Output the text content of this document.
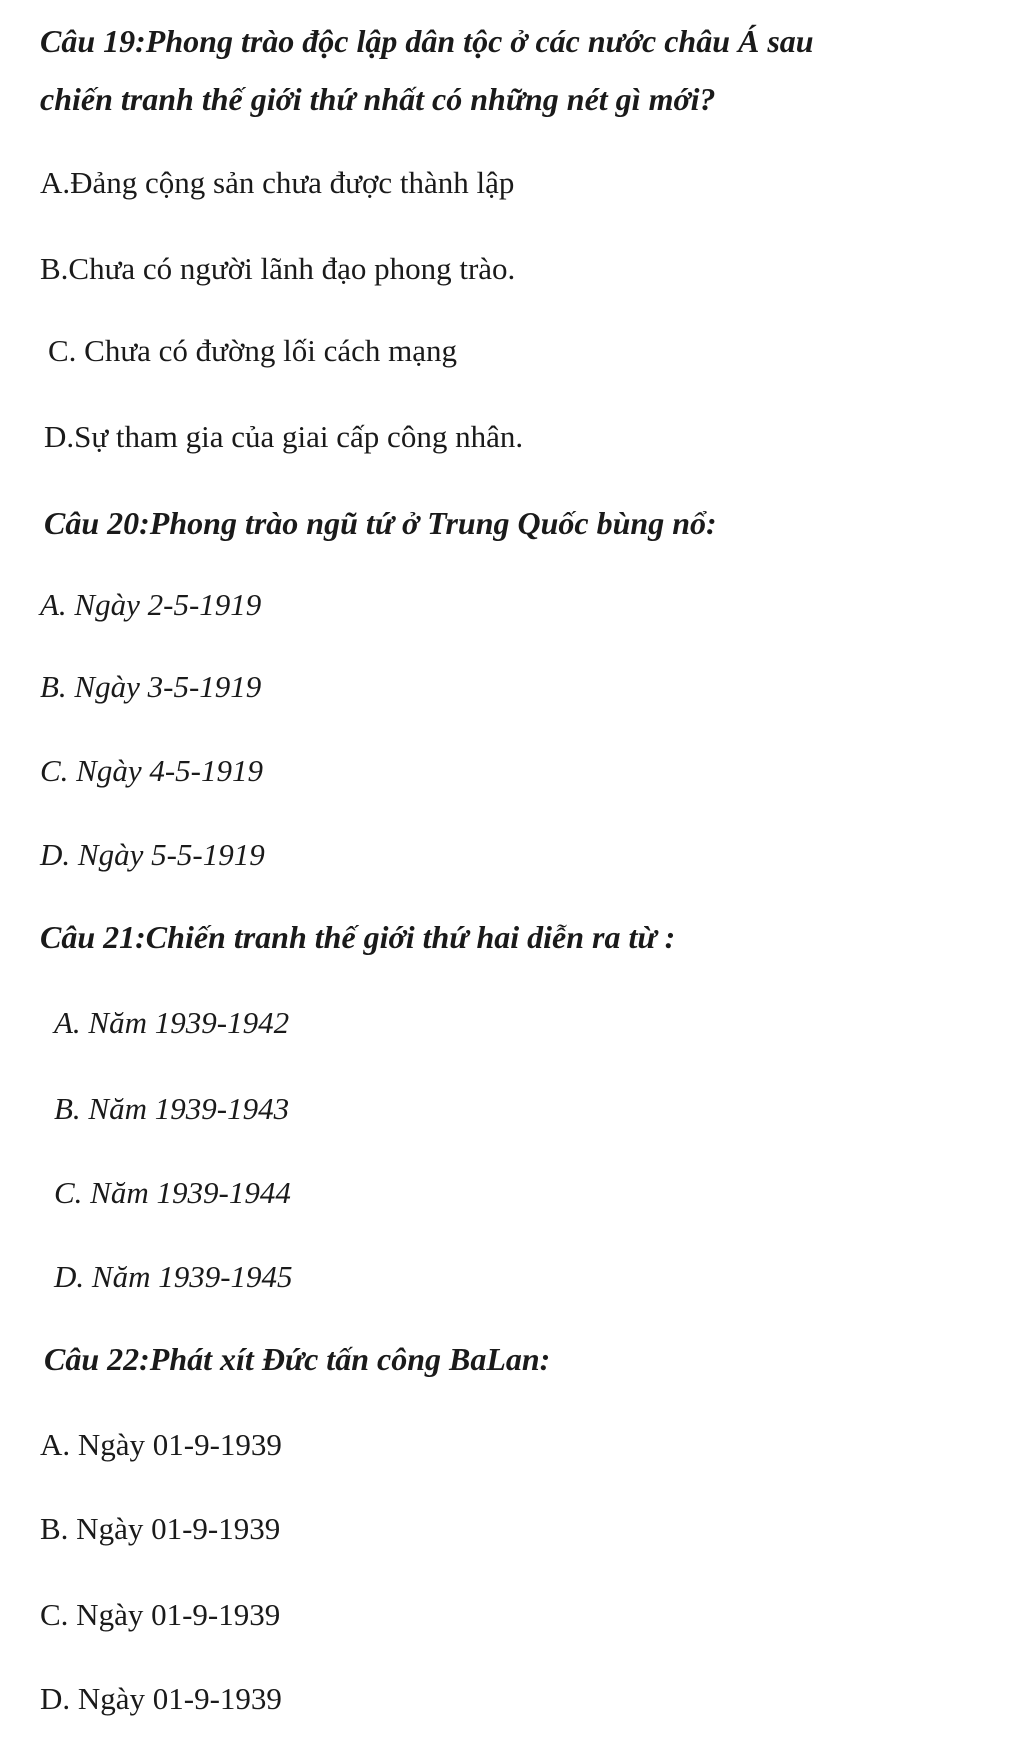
Câu 19:Phong trào độc lập dân tộc ở các nước châu Á sau
chiến tranh thế giới thứ nhất có những nét gì mới?
A.Đảng cộng sản chưa được thành lập
B.Chưa có người lãnh đạo phong trào.
C. Chưa có đường lối cách mạng
D.Sự tham gia của giai cấp công nhân.
Câu 20:Phong trào ngũ tứ ở Trung Quốc bùng nổ:
A. Ngày 2-5-1919
B. Ngày 3-5-1919
C. Ngày 4-5-1919
D. Ngày 5-5-1919
Câu 21:Chiến tranh thế giới thứ hai diễn ra từ :
A. Năm 1939-1942
B. Năm 1939-1943
C. Năm 1939-1944
D. Năm 1939-1945
Câu 22:Phát xít Đức tấn công BaLan:
A. Ngày 01-9-1939
B. Ngày 01-9-1939
C. Ngày 01-9-1939
D. Ngày 01-9-1939
